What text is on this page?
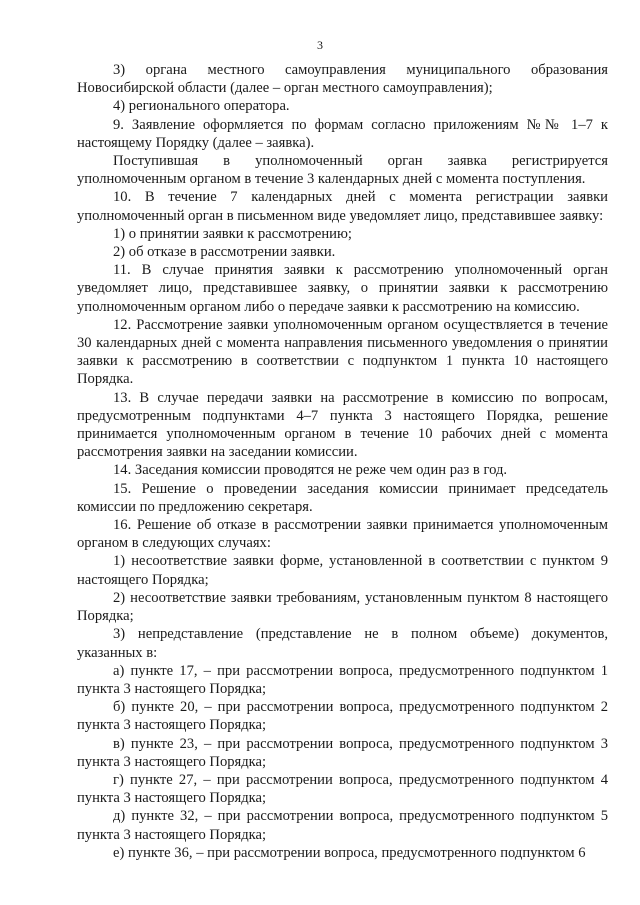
3

3) органа местного самоуправления муниципального образования Новосибирской области (далее – орган местного самоуправления);

4) регионального оператора.

9. Заявление оформляется по формам согласно приложениям №№ 1–7 к настоящему Порядку (далее – заявка).

Поступившая в уполномоченный орган заявка регистрируется уполномоченным органом в течение 3 календарных дней с момента поступления.

10. В течение 7 календарных дней с момента регистрации заявки уполномоченный орган в письменном виде уведомляет лицо, представившее заявку:

1) о принятии заявки к рассмотрению;

2) об отказе в рассмотрении заявки.

11. В случае принятия заявки к рассмотрению уполномоченный орган уведомляет лицо, представившее заявку, о принятии заявки к рассмотрению уполномоченным органом либо о передаче заявки к рассмотрению на комиссию.

12. Рассмотрение заявки уполномоченным органом осуществляется в течение 30 календарных дней с момента направления письменного уведомления о принятии заявки к рассмотрению в соответствии с подпунктом 1 пункта 10 настоящего Порядка.

13. В случае передачи заявки на рассмотрение в комиссию по вопросам, предусмотренным подпунктами 4–7 пункта 3 настоящего Порядка, решение принимается уполномоченным органом в течение 10 рабочих дней с момента рассмотрения заявки на заседании комиссии.

14. Заседания комиссии проводятся не реже чем один раз в год.

15. Решение о проведении заседания комиссии принимает председатель комиссии по предложению секретаря.

16. Решение об отказе в рассмотрении заявки принимается уполномоченным органом в следующих случаях:

1) несоответствие заявки форме, установленной в соответствии с пунктом 9 настоящего Порядка;

2) несоответствие заявки требованиям, установленным пунктом 8 настоящего Порядка;

3) непредставление (представление не в полном объеме) документов, указанных в:

а) пункте 17, – при рассмотрении вопроса, предусмотренного подпунктом 1 пункта 3 настоящего Порядка;

б) пункте 20, – при рассмотрении вопроса, предусмотренного подпунктом 2 пункта 3 настоящего Порядка;

в) пункте 23, – при рассмотрении вопроса, предусмотренного подпунктом 3 пункта 3 настоящего Порядка;

г) пункте 27, – при рассмотрении вопроса, предусмотренного подпунктом 4 пункта 3 настоящего Порядка;

д) пункте 32, – при рассмотрении вопроса, предусмотренного подпунктом 5 пункта 3 настоящего Порядка;

е) пункте 36, – при рассмотрении вопроса, предусмотренного подпунктом 6
